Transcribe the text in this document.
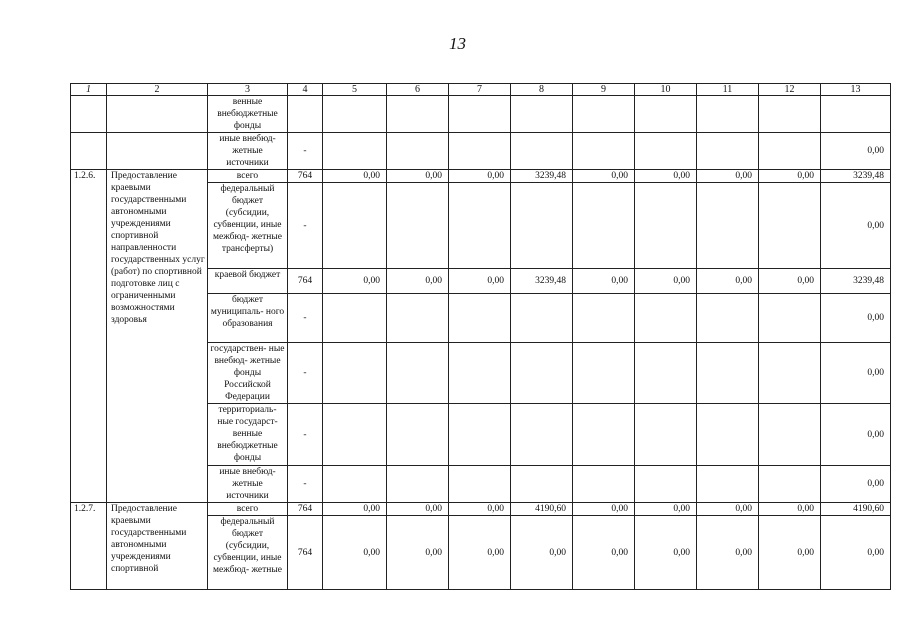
13
1	2	3	4	5	6	7	8	9	10	11	12	13
		венные внебюджетные фонды										
		иные внебюд- жетные источники	-									0,00
1.2.6.	Предоставление краевыми государственными автономными учреждениями спортивной направленности государственных услуг (работ) по спортивной подготовке лиц с ограниченными возможностями здоровья	всего	764	0,00	0,00	0,00	3239,48	0,00	0,00	0,00	0,00	3239,48
		федеральный бюджет (субсидии, субвенции, иные межбюд- жетные трансферты)	-									0,00
		краевой бюджет	764	0,00	0,00	0,00	3239,48	0,00	0,00	0,00	0,00	3239,48
		бюджет муниципаль- ного образования	-									0,00
		государствен- ные внебюд- жетные фонды Российской Федерации	-									0,00
		территориаль- ные государст- венные внебюджетные фонды	-									0,00
		иные внебюд- жетные источники	-									0,00
1.2.7.	Предоставление краевыми государственными автономными учреждениями спортивной	всего	764	0,00	0,00	0,00	4190,60	0,00	0,00	0,00	0,00	4190,60
		федеральный бюджет (субсидии, субвенции, иные межбюд- жетные	764	0,00	0,00	0,00	0,00	0,00	0,00	0,00	0,00	0,00
